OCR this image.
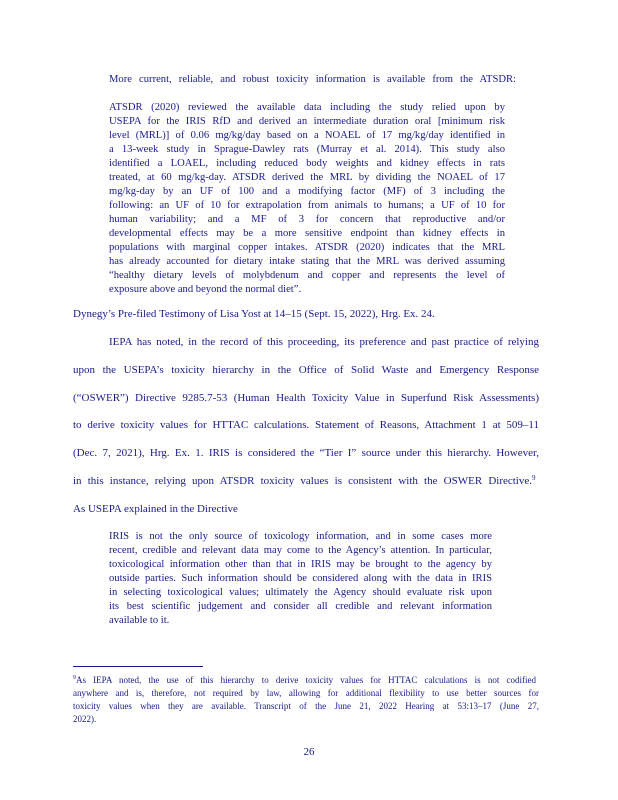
More current, reliable, and robust toxicity information is available from the ATSDR:
ATSDR (2020) reviewed the available data including the study relied upon by
USEPA for the IRIS RfD and derived an intermediate duration oral [minimum risk
level (MRL)] of 0.06 mg/kg/day based on a NOAEL of 17 mg/kg/day identified in
a 13-week study in Sprague-Dawley rats (Murray et al. 2014). This study also
identified a LOAEL, including reduced body weights and kidney effects in rats
treated, at 60 mg/kg-day. ATSDR derived the MRL by dividing the NOAEL of 17
mg/kg-day by an UF of 100 and a modifying factor (MF) of 3 including the
following: an UF of 10 for extrapolation from animals to humans; a UF of 10 for
human variability; and a MF of 3 for concern that reproductive and/or
developmental effects may be a more sensitive endpoint than kidney effects in
populations with marginal copper intakes. ATSDR (2020) indicates that the MRL
has already accounted for dietary intake stating that the MRL was derived assuming
“healthy dietary levels of molybdenum and copper and represents the level of
exposure above and beyond the normal diet”.
Dynegy’s Pre-filed Testimony of Lisa Yost at 14–15 (Sept. 15, 2022), Hrg. Ex. 24.
IEPA has noted, in the record of this proceeding, its preference and past practice of relying
upon the USEPA’s toxicity hierarchy in the Office of Solid Waste and Emergency Response
(“OSWER”) Directive 9285.7-53 (Human Health Toxicity Value in Superfund Risk Assessments)
to derive toxicity values for HTTAC calculations. Statement of Reasons, Attachment 1 at 509–11
(Dec. 7, 2021), Hrg. Ex. 1. IRIS is considered the “Tier I” source under this hierarchy. However,
in this instance, relying upon ATSDR toxicity values is consistent with the OSWER Directive.$^9$
As USEPA explained in the Directive
IRIS is not the only source of toxicology information, and in some cases more
recent, credible and relevant data may come to the Agency’s attention. In particular,
toxicological information other than that in IRIS may be brought to the agency by
outside parties. Such information should be considered along with the data in IRIS
in selecting toxicological values; ultimately the Agency should evaluate risk upon
its best scientific judgement and consider all credible and relevant information
available to it.
$^9$As IEPA noted, the use of this hierarchy to derive toxicity values for HTTAC calculations is not codified
anywhere and is, therefore, not required by law, allowing for additional flexibility to use better sources for
toxicity values when they are available. Transcript of the June 21, 2022 Hearing at 53:13–17 (June 27,
2022).
26
